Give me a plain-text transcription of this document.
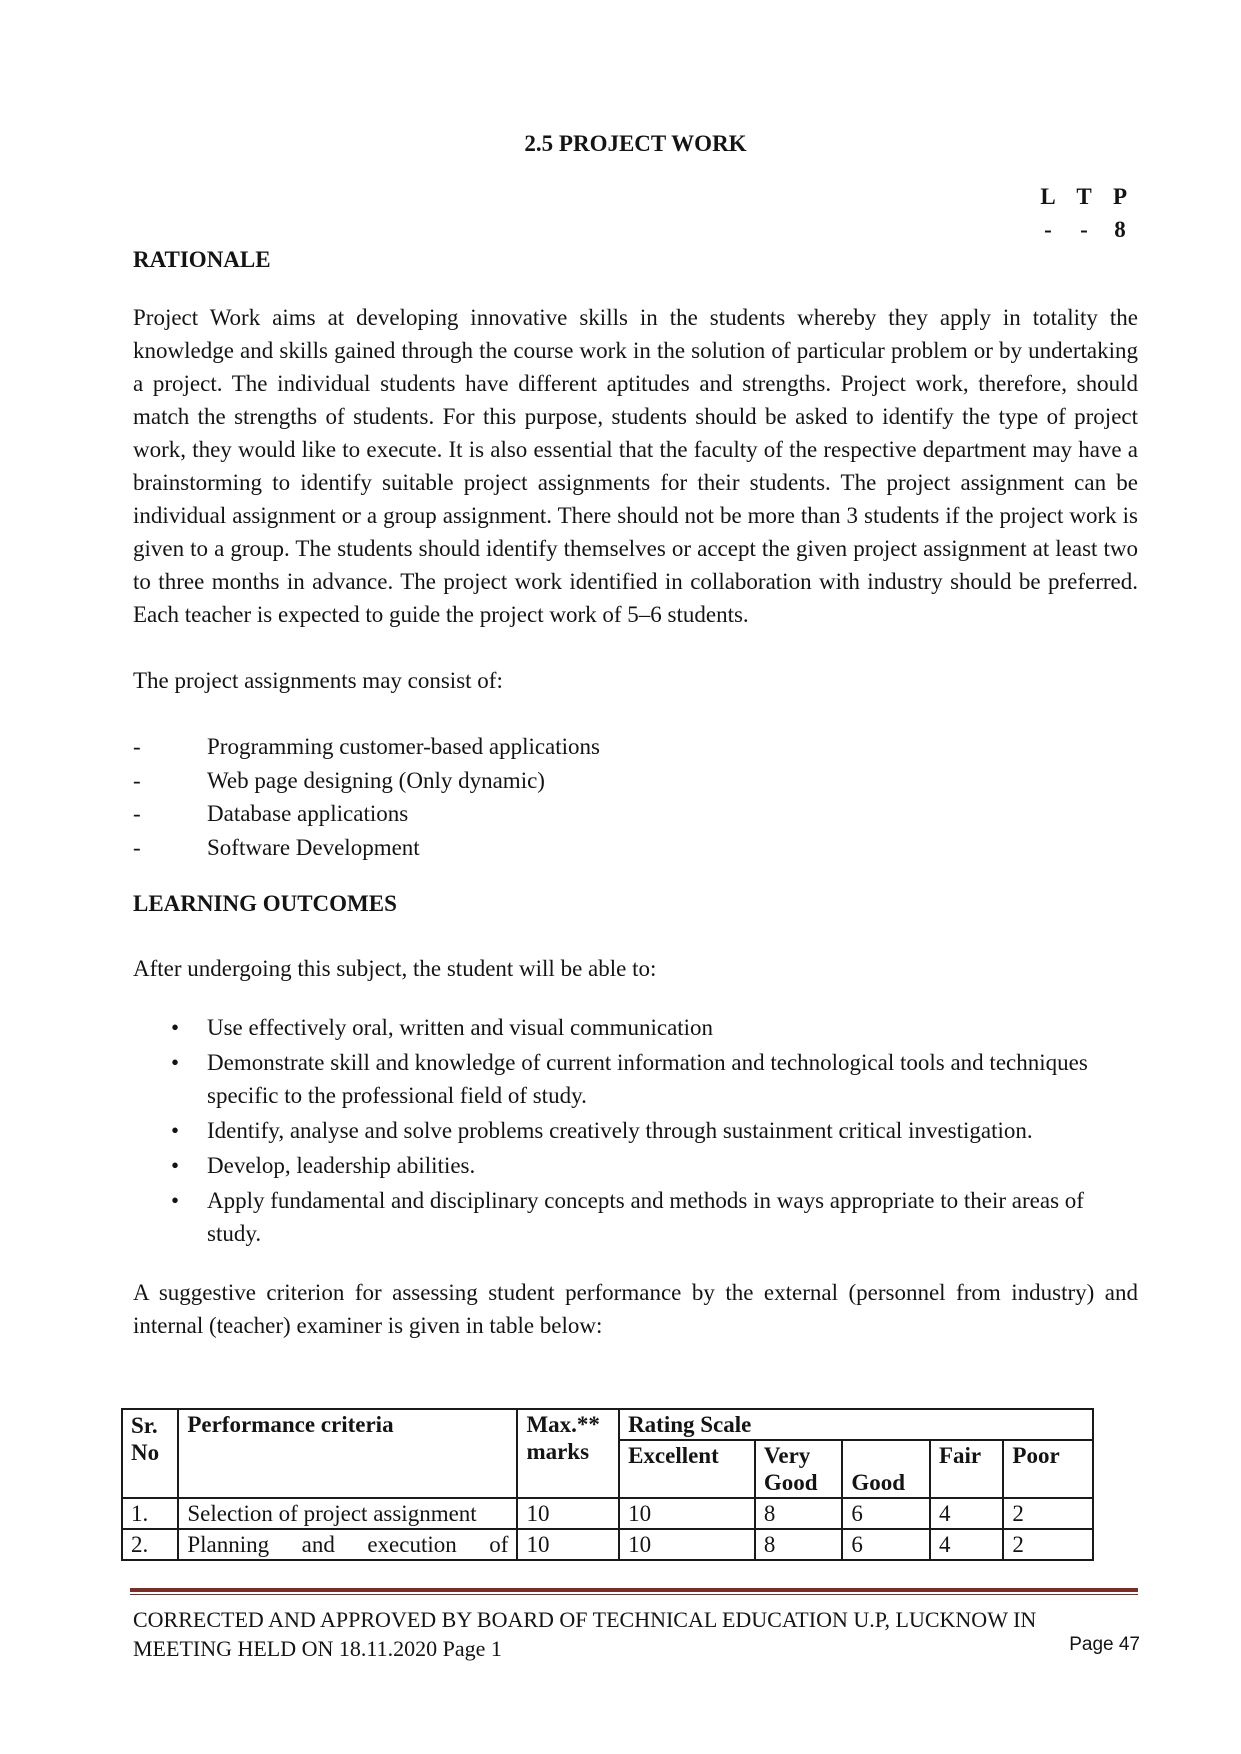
2.5 PROJECT WORK
L T P
-	-	8
RATIONALE

Project Work aims at developing innovative skills in the students whereby they apply in totality the knowledge and skills gained through the course work in the solution of particular problem or by undertaking a project. The individual students have different aptitudes and strengths. Project work, therefore, should match the strengths of students. For this purpose, students should be asked to identify the type of project work, they would like to execute. It is also essential that the faculty of the respective department may have a brainstorming to identify suitable project assignments for their students. The project assignment can be individual assignment or a group assignment. There should not be more than 3 students if the project work is given to a group. The students should identify themselves or accept the given project assignment at least two to three months in advance. The project work identified in collaboration with industry should be preferred. Each teacher is expected to guide the project work of 5–6 students.

The project assignments may consist of:
-	Programming customer-based applications
-	Web page designing (Only dynamic)
-	Database applications
-	Software Development
LEARNING OUTCOMES
After undergoing this subject, the student will be able to:
•	Use effectively oral, written and visual communication
•	Demonstrate skill and knowledge of current information and technological tools and techniques specific to the professional field of study.
•	Identify, analyse and solve problems creatively through sustainment critical investigation.
•	Develop, leadership abilities.
•	Apply fundamental and disciplinary concepts and methods in ways appropriate to their areas of study.

A suggestive criterion for assessing student performance by the external (personnel from industry) and internal (teacher) examiner is given in table below:

Sr. No	Performance criteria	Max.** marks	Rating Scale				
			Excellent	Very Good	Good	Fair	Poor
1.	Selection of project assignment	10	10	8	6	4	2
2.	Planning and execution of	10	10	8	6	4	2
CORRECTED AND APPROVED BY BOARD OF TECHNICAL EDUCATION U.P, LUCKNOW IN
MEETING HELD ON 18.11.2020 Page 1	Page 47
